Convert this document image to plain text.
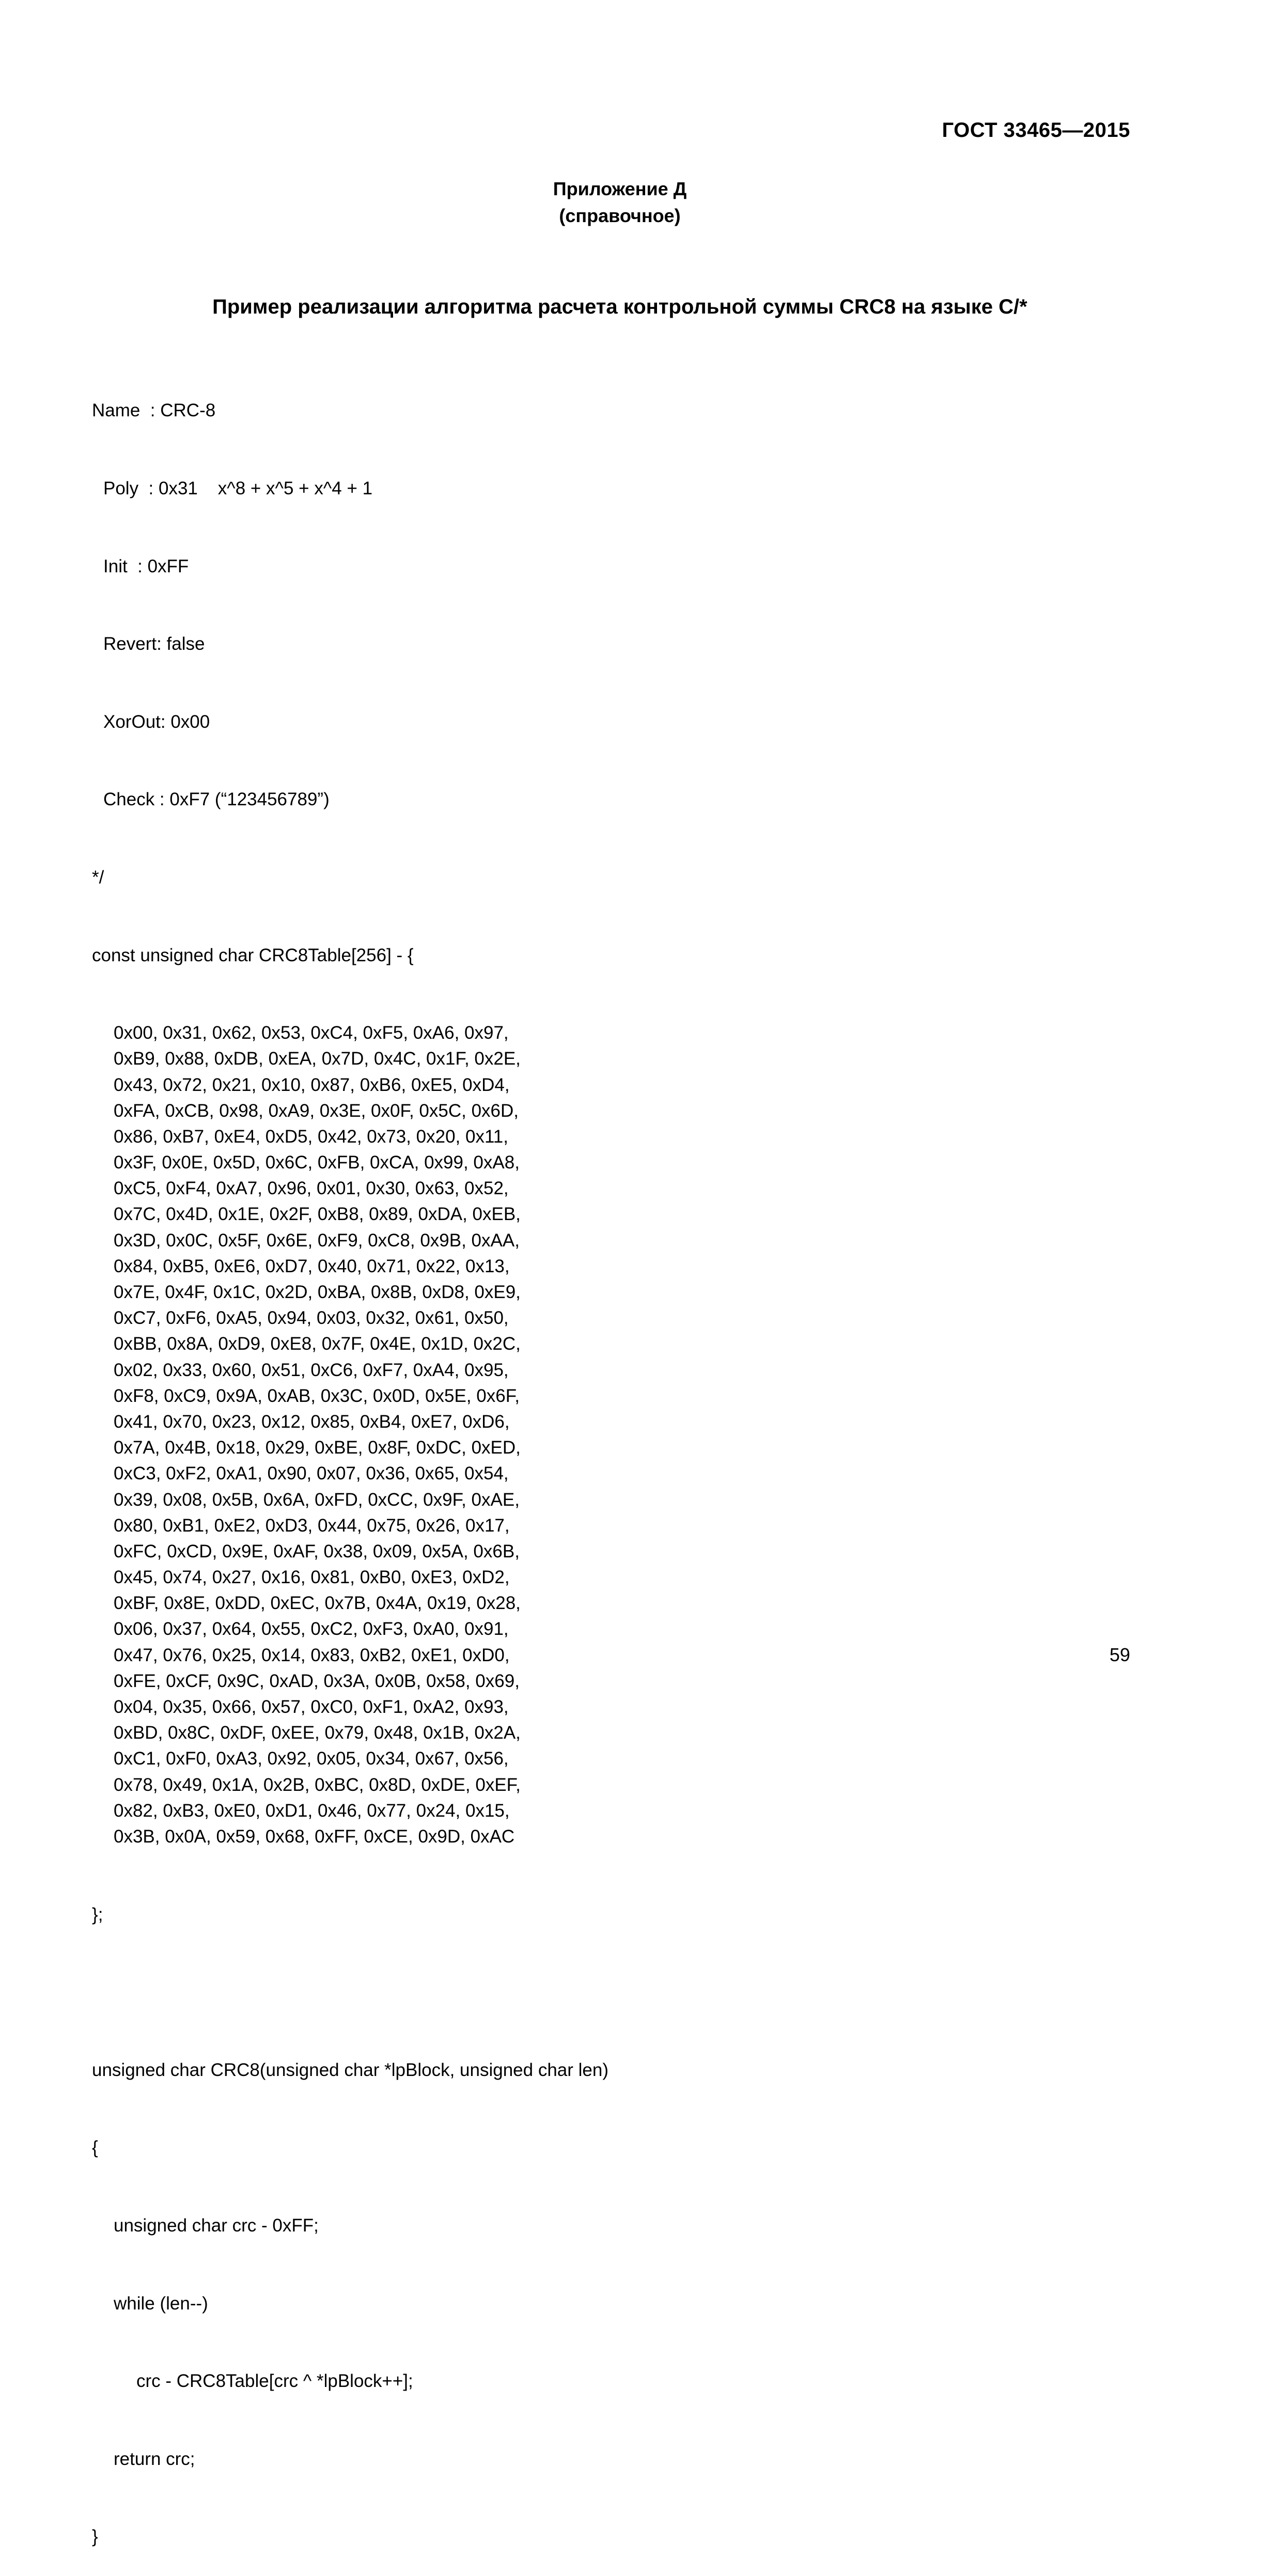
ГОСТ 33465—2015
Приложение Д
(справочное)
Пример реализации алгоритма расчета контрольной суммы CRC8 на языке С/*

Name  : CRC-8

Poly  : 0x31    x^8 + x^5 + x^4 + 1

Init  : 0xFF

Revert: false

XorOut: 0x00

Check : 0xF7 (“123456789”)

*/

const unsigned char CRC8Table[256] - {

0x00, 0x31, 0x62, 0x53, 0xC4, 0xF5, 0xA6, 0x97,
0xB9, 0x88, 0xDB, 0xEA, 0x7D, 0x4C, 0x1F, 0x2E,
0x43, 0x72, 0x21, 0x10, 0x87, 0xB6, 0xE5, 0xD4,
0xFA, 0xCB, 0x98, 0xA9, 0x3E, 0x0F, 0x5C, 0x6D,
0x86, 0xB7, 0xE4, 0xD5, 0x42, 0x73, 0x20, 0x11,
0x3F, 0x0E, 0x5D, 0x6C, 0xFB, 0xCA, 0x99, 0xA8,
0xC5, 0xF4, 0xA7, 0x96, 0x01, 0x30, 0x63, 0x52,
0x7C, 0x4D, 0x1E, 0x2F, 0xB8, 0x89, 0xDA, 0xEB,
0x3D, 0x0C, 0x5F, 0x6E, 0xF9, 0xC8, 0x9B, 0xAA,
0x84, 0xB5, 0xE6, 0xD7, 0x40, 0x71, 0x22, 0x13,
0x7E, 0x4F, 0x1C, 0x2D, 0xBA, 0x8B, 0xD8, 0xE9,
0xC7, 0xF6, 0xA5, 0x94, 0x03, 0x32, 0x61, 0x50,
0xBB, 0x8A, 0xD9, 0xE8, 0x7F, 0x4E, 0x1D, 0x2C,
0x02, 0x33, 0x60, 0x51, 0xC6, 0xF7, 0xA4, 0x95,
0xF8, 0xC9, 0x9A, 0xAB, 0x3C, 0x0D, 0x5E, 0x6F,
0x41, 0x70, 0x23, 0x12, 0x85, 0xB4, 0xE7, 0xD6,
0x7A, 0x4B, 0x18, 0x29, 0xBE, 0x8F, 0xDC, 0xED,
0xC3, 0xF2, 0xA1, 0x90, 0x07, 0x36, 0x65, 0x54,
0x39, 0x08, 0x5B, 0x6A, 0xFD, 0xCC, 0x9F, 0xAE,
0x80, 0xB1, 0xE2, 0xD3, 0x44, 0x75, 0x26, 0x17,
0xFC, 0xCD, 0x9E, 0xAF, 0x38, 0x09, 0x5A, 0x6B,
0x45, 0x74, 0x27, 0x16, 0x81, 0xB0, 0xE3, 0xD2,
0xBF, 0x8E, 0xDD, 0xEC, 0x7B, 0x4A, 0x19, 0x28,
0x06, 0x37, 0x64, 0x55, 0xC2, 0xF3, 0xA0, 0x91,
0x47, 0x76, 0x25, 0x14, 0x83, 0xB2, 0xE1, 0xD0,
0xFE, 0xCF, 0x9C, 0xAD, 0x3A, 0x0B, 0x58, 0x69,
0x04, 0x35, 0x66, 0x57, 0xC0, 0xF1, 0xA2, 0x93,
0xBD, 0x8C, 0xDF, 0xEE, 0x79, 0x48, 0x1B, 0x2A,
0xC1, 0xF0, 0xA3, 0x92, 0x05, 0x34, 0x67, 0x56,
0x78, 0x49, 0x1A, 0x2B, 0xBC, 0x8D, 0xDE, 0xEF,
0x82, 0xB3, 0xE0, 0xD1, 0x46, 0x77, 0x24, 0x15,
0x3B, 0x0A, 0x59, 0x68, 0xFF, 0xCE, 0x9D, 0xAC

};

unsigned char CRC8(unsigned char *lpBlock, unsigned char len)

{

unsigned char crc - 0xFF;

while (len--)

crc - CRC8Table[crc ^ *lpBlock++];

return crc;

}

59
